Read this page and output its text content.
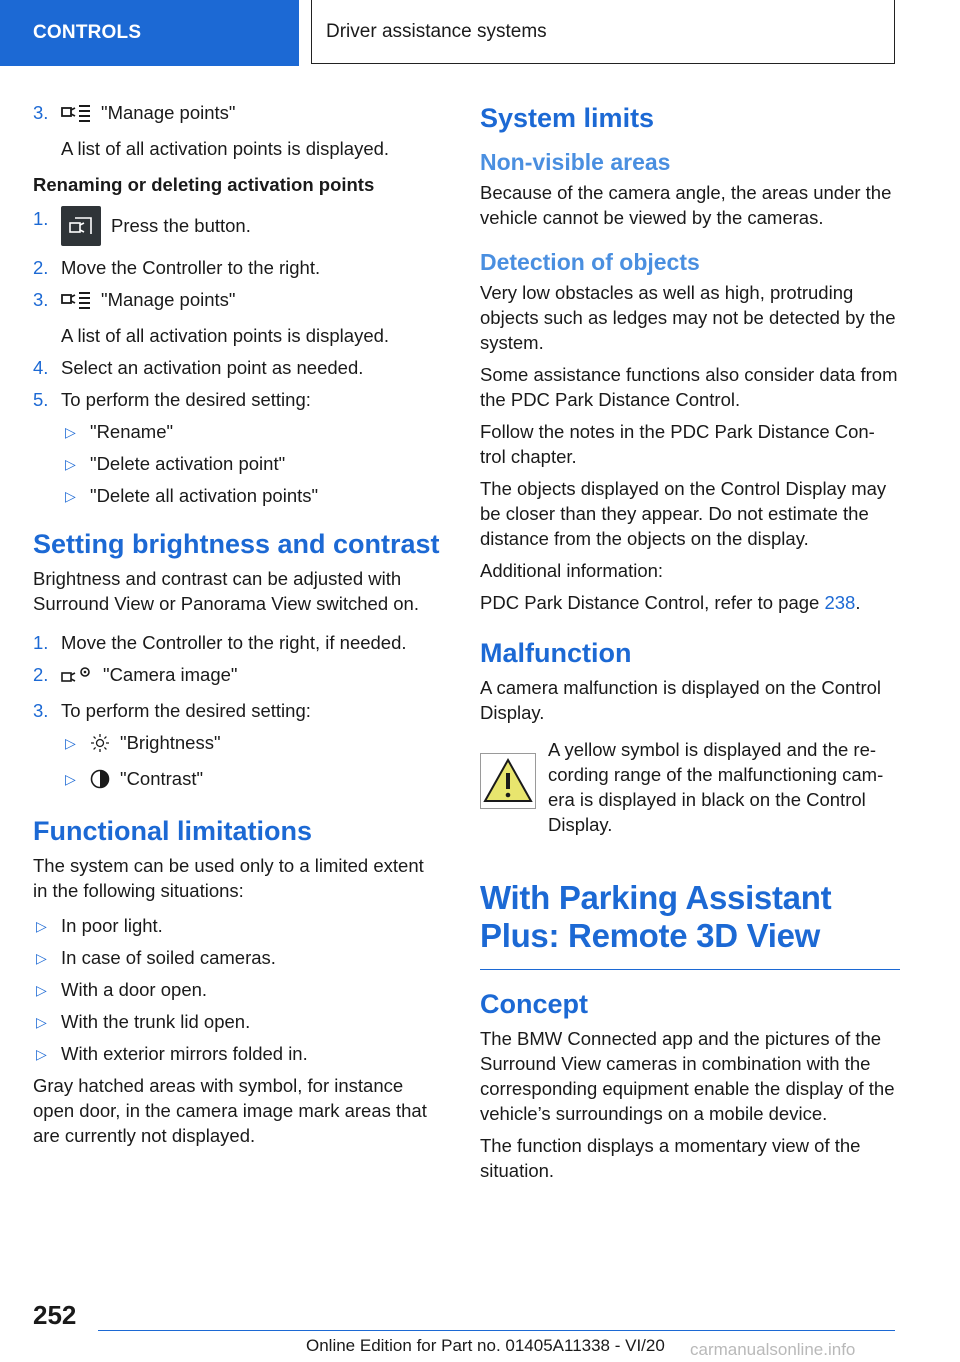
CONTROLS	Driver assistance systems
3.	"Manage points"
A list of all activation points is displayed.
Renaming or deleting activation points
1.	Press the button.
2. Move the Controller to the right.
3.	"Manage points"
A list of all activation points is displayed.
4. Select an activation point as needed.
5. To perform the desired setting:
▷ "Rename"
▷ "Delete activation point"
▷ "Delete all activation points"
Setting brightness and contrast

Brightness and contrast can be adjusted with Surround View or Panorama View switched on.

1. Move the Controller to the right, if needed.
2.	"Camera image"
3. To perform the desired setting:
▷ "Brightness"
▷ "Contrast"
Functional limitations

The system can be used only to a limited extent in the following situations:

▷ In poor light.
▷ In case of soiled cameras.
▷ With a door open.
▷ With the trunk lid open.
▷ With exterior mirrors folded in.

Gray hatched areas with symbol, for instance open door, in the camera image mark areas that are currently not displayed.

System limits
Non-visible areas

Because of the camera angle, the areas under the vehicle cannot be viewed by the cameras.

Detection of objects

Very low obstacles as well as high, protruding objects such as ledges may not be detected by the system.

Some assistance functions also consider data from the PDC Park Distance Control.

Follow the notes in the PDC Park Distance Con-trol chapter.

The objects displayed on the Control Display may be closer than they appear. Do not estimate the distance from the objects on the display.

Additional information:

PDC Park Distance Control, refer to page 238.

Malfunction

A camera malfunction is displayed on the Control Display.

A yellow symbol is displayed and the re-cording range of the malfunctioning cam-era is displayed in black on the Control Display.

With Parking Assistant Plus: Remote 3D View
Concept

The BMW Connected app and the pictures of the Surround View cameras in combination with the corresponding equipment enable the display of the vehicle’s surroundings on a mobile device.

The function displays a momentary view of the situation.

252
Online Edition for Part no. 01405A11338 - VI/20 carmanualsonline.info
